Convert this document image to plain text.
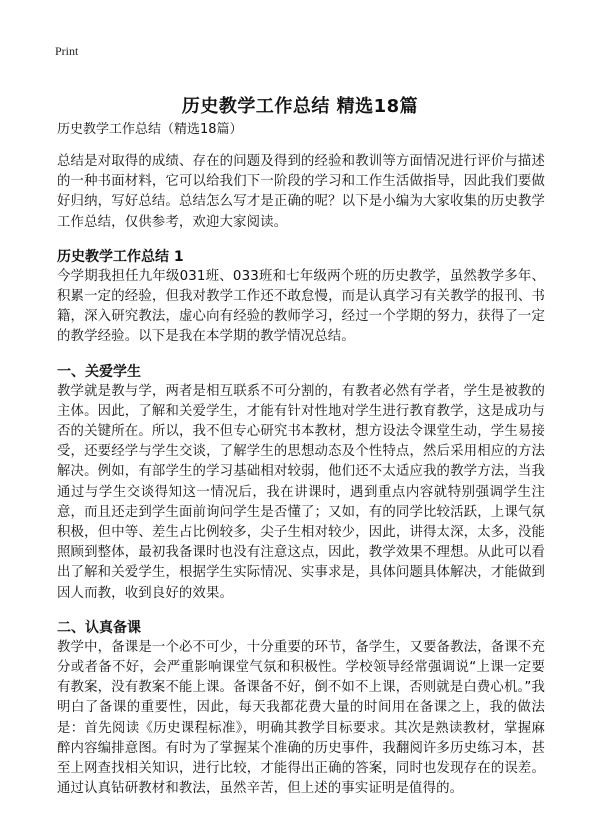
Print
历史教学工作总结 精选18篇
历史教学工作总结（精选18篇）

总结是对取得的成绩、存在的问题及得到的经验和教训等方面情况进行评价与描述的一种书面材料，它可以给我们下一阶段的学习和工作生活做指导，因此我们要做好归纳，写好总结。总结怎么写才是正确的呢？以下是小编为大家收集的历史教学工作总结，仅供参考，欢迎大家阅读。

历史教学工作总结 1

今学期我担任九年级031班、033班和七年级两个班的历史教学，虽然教学多年、积累一定的经验，但我对教学工作还不敢怠慢，而是认真学习有关教学的报刊、书籍，深入研究教法，虚心向有经验的教师学习，经过一个学期的努力，获得了一定的教学经验。以下是我在本学期的教学情况总结。

一、关爱学生

教学就是教与学，两者是相互联系不可分割的，有教者必然有学者，学生是被教的主体。因此，了解和关爱学生，才能有针对性地对学生进行教育教学，这是成功与否的关键所在。所以，我不但专心研究书本教材，想方设法令课堂生动，学生易接受，还要经学与学生交谈，了解学生的思想动态及个性特点，然后采用相应的方法解决。例如，有部学生的学习基础相对较弱，他们还不太适应我的教学方法，当我通过与学生交谈得知这一情况后，我在讲课时，遇到重点内容就特别强调学生注意，而且还走到学生面前询问学生是否懂了；又如，有的同学比较活跃，上课气氛积极，但中等、差生占比例较多，尖子生相对较少，因此，讲得太深，太多，没能照顾到整体，最初我备课时也没有注意这点，因此，教学效果不理想。从此可以看出了解和关爱学生，根据学生实际情况、实事求是，具体问题具体解决，才能做到因人而教，收到良好的效果。

二、认真备课

教学中，备课是一个必不可少，十分重要的环节，备学生，又要备教法，备课不充分或者备不好，会严重影响课堂气氛和积极性。学校领导经常强调说“上课一定要有教案，没有教案不能上课。备课备不好，倒不如不上课，否则就是白费心机。”我明白了备课的重要性，因此，每天我都花费大量的时间用在备课之上，我的做法是：首先阅读《历史课程标准》，明确其教学目标要求。其次是熟读教材，掌握麻醉内容编排意图。有时为了掌握某个准确的历史事件，我翻阅许多历史练习本，甚至上网查找相关知识，进行比较，才能得出正确的答案，同时也发现存在的误差。通过认真钻研教材和教法，虽然辛苦，但上述的事实证明是值得的。
